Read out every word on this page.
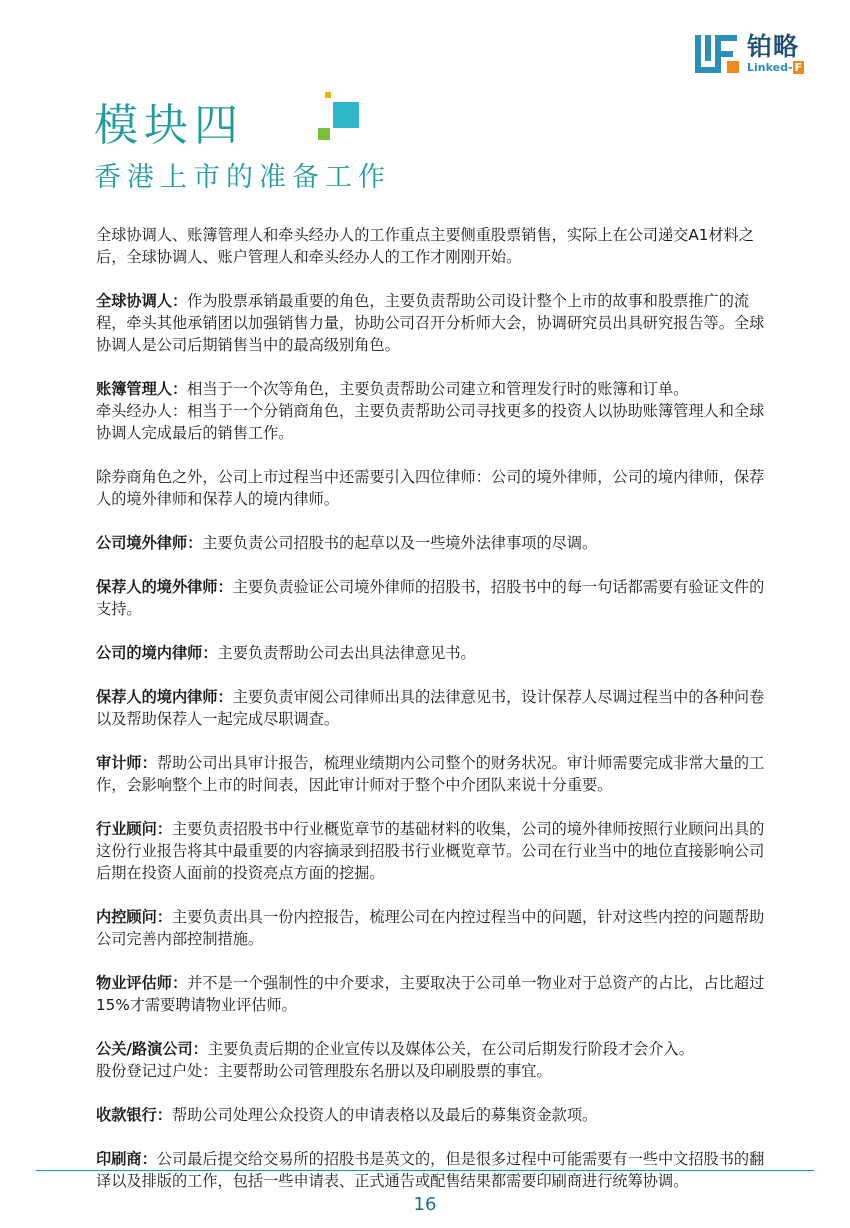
铂略
Linked- F
模块四
香港上市的准备工作

全球协调人、账簿管理人和牵头经办人的工作重点主要侧重股票销售，实际上在公司递交A1材料之后，全球协调人、账户管理人和牵头经办人的工作才刚刚开始。

全球协调人：作为股票承销最重要的角色，主要负责帮助公司设计整个上市的故事和股票推广的流程，牵头其他承销团以加强销售力量，协助公司召开分析师大会，协调研究员出具研究报告等。全球协调人是公司后期销售当中的最高级别角色。

账簿管理人：相当于一个次等角色，主要负责帮助公司建立和管理发行时的账簿和订单。

牵头经办人：相当于一个分销商角色，主要负责帮助公司寻找更多的投资人以协助账簿管理人和全球协调人完成最后的销售工作。

除券商角色之外，公司上市过程当中还需要引入四位律师：公司的境外律师，公司的境内律师，保荐人的境外律师和保荐人的境内律师。

公司境外律师：主要负责公司招股书的起草以及一些境外法律事项的尽调。

保荐人的境外律师：主要负责验证公司境外律师的招股书，招股书中的每一句话都需要有验证文件的支持。

公司的境内律师：主要负责帮助公司去出具法律意见书。

保荐人的境内律师：主要负责审阅公司律师出具的法律意见书，设计保荐人尽调过程当中的各种问卷以及帮助保荐人一起完成尽职调查。

审计师：帮助公司出具审计报告，梳理业绩期内公司整个的财务状况。审计师需要完成非常大量的工作，会影响整个上市的时间表，因此审计师对于整个中介团队来说十分重要。

行业顾问：主要负责招股书中行业概览章节的基础材料的收集，公司的境外律师按照行业顾问出具的这份行业报告将其中最重要的内容摘录到招股书行业概览章节。公司在行业当中的地位直接影响公司后期在投资人面前的投资亮点方面的挖掘。

内控顾问：主要负责出具一份内控报告，梳理公司在内控过程当中的问题，针对这些内控的问题帮助公司完善内部控制措施。

物业评估师：并不是一个强制性的中介要求，主要取决于公司单一物业对于总资产的占比，占比超过15%才需要聘请物业评估师。

公关/路演公司：主要负责后期的企业宣传以及媒体公关，在公司后期发行阶段才会介入。

股份登记过户处：主要帮助公司管理股东名册以及印刷股票的事宜。

收款银行：帮助公司处理公众投资人的申请表格以及最后的募集资金款项。

印刷商：公司最后提交给交易所的招股书是英文的，但是很多过程中可能需要有一些中文招股书的翻译以及排版的工作，包括一些申请表、正式通告或配售结果都需要印刷商进行统筹协调。

16
